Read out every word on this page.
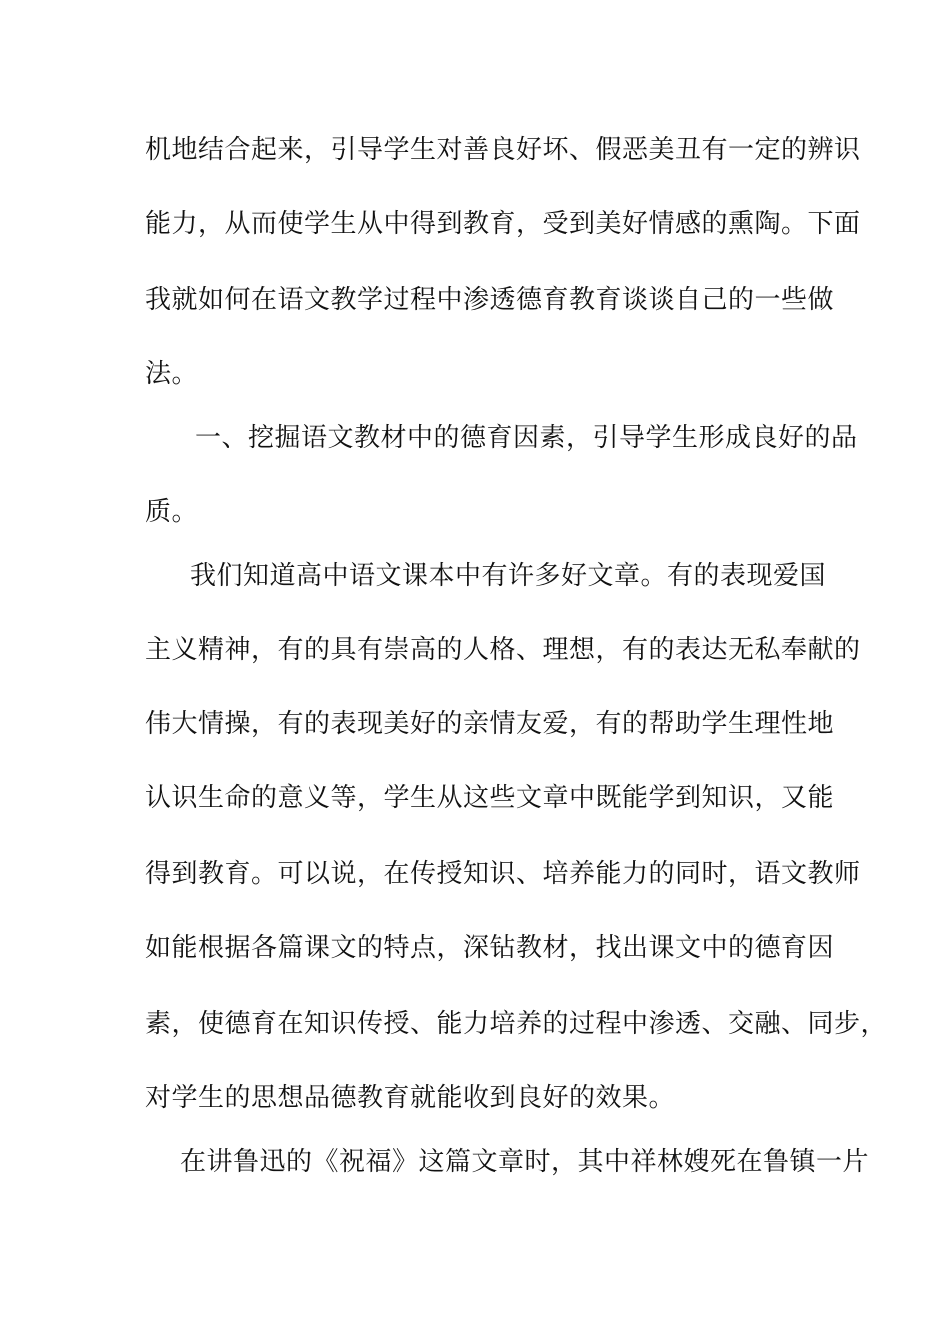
机地结合起来，引导学生对善良好坏、假恶美丑有一定的辨识
能力，从而使学生从中得到教育，受到美好情感的熏陶。下面
我就如何在语文教学过程中渗透德育教育谈谈自己的一些做
法。
一、挖掘语文教材中的德育因素，引导学生形成良好的品
质。
我们知道高中语文课本中有许多好文章。有的表现爱国
主义精神，有的具有崇高的人格、理想，有的表达无私奉献的
伟大情操，有的表现美好的亲情友爱，有的帮助学生理性地
认识生命的意义等，学生从这些文章中既能学到知识，又能
得到教育。可以说，在传授知识、培养能力的同时，语文教师
如能根据各篇课文的特点，深钻教材，找出课文中的德育因
素，使德育在知识传授、能力培养的过程中渗透、交融、同步，
对学生的思想品德教育就能收到良好的效果。
在讲鲁迅的《祝福》这篇文章时，其中祥林嫂死在鲁镇一片
